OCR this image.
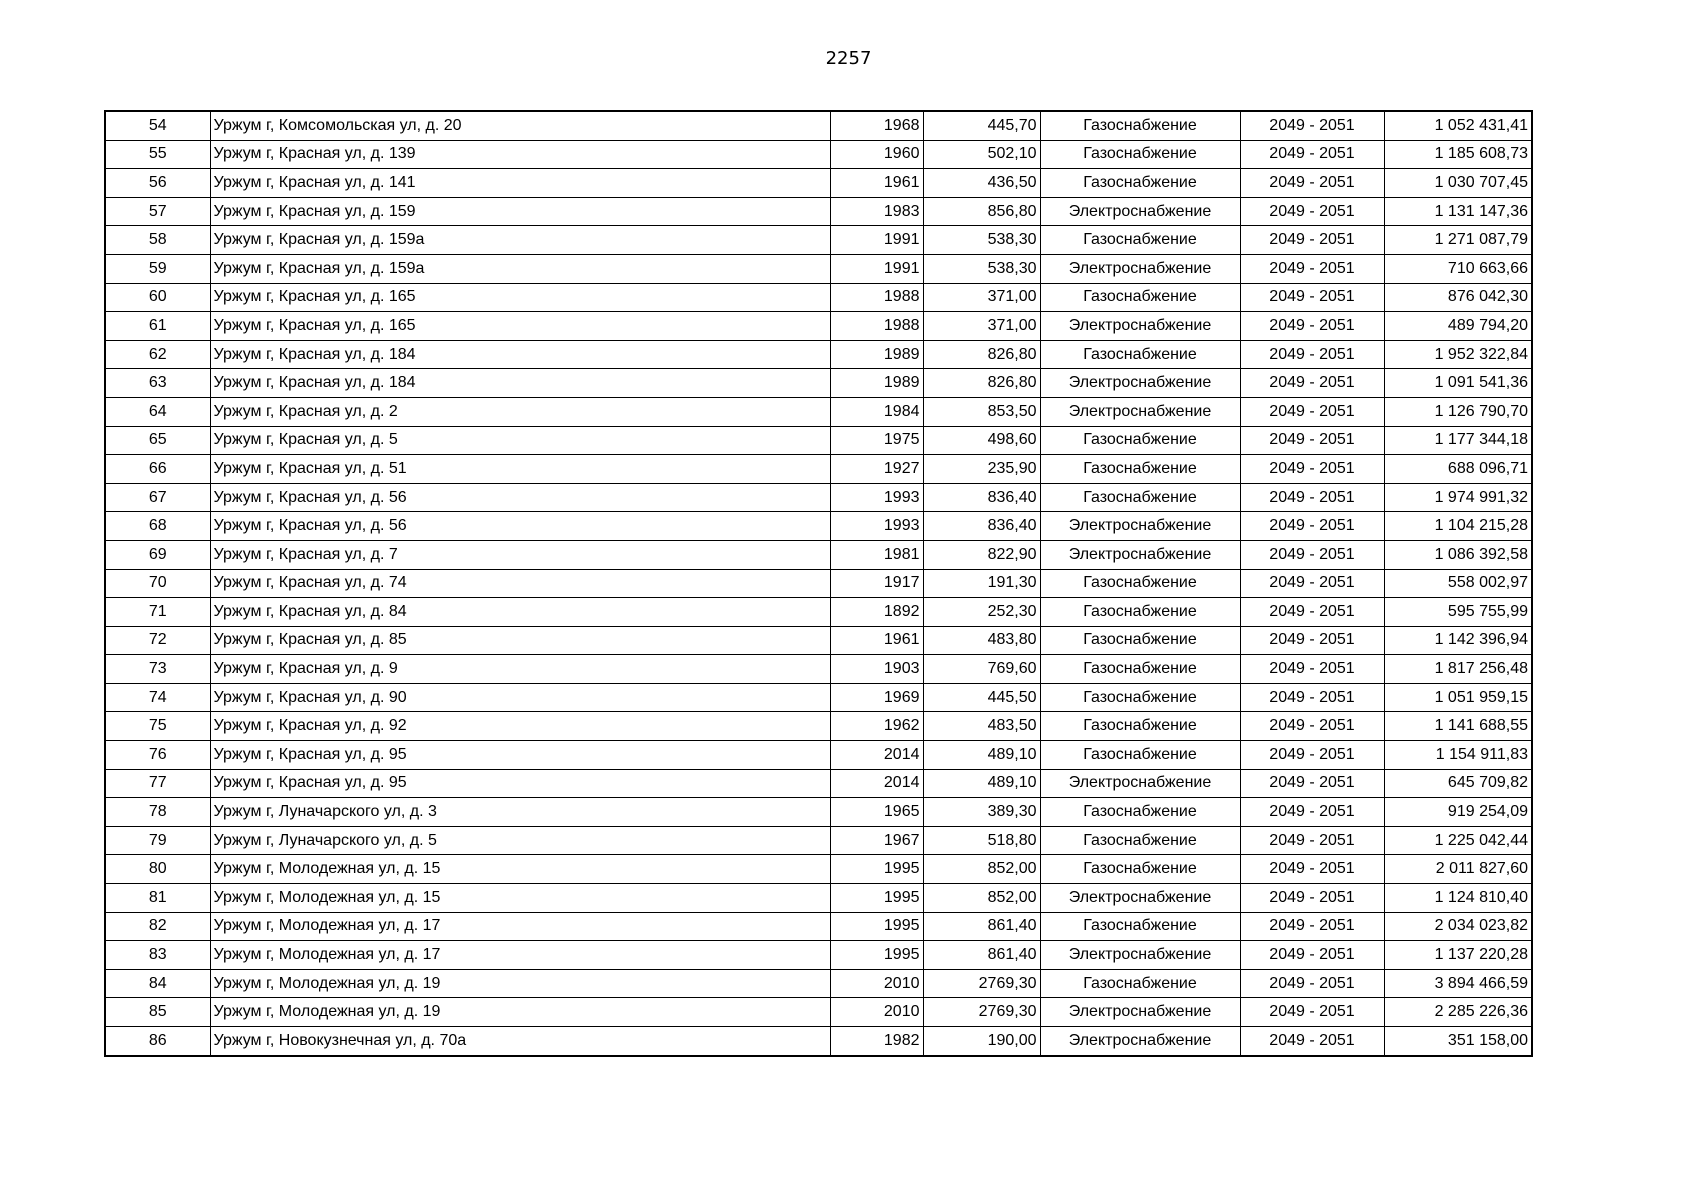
2257
54	Уржум г, Комсомольская ул, д. 20	1968	445,70	Газоснабжение	2049 - 2051	1 052 431,41
55	Уржум г, Красная ул, д. 139	1960	502,10	Газоснабжение	2049 - 2051	1 185 608,73
56	Уржум г, Красная ул, д. 141	1961	436,50	Газоснабжение	2049 - 2051	1 030 707,45
57	Уржум г, Красная ул, д. 159	1983	856,80	Электроснабжение	2049 - 2051	1 131 147,36
58	Уржум г, Красная ул, д. 159а	1991	538,30	Газоснабжение	2049 - 2051	1 271 087,79
59	Уржум г, Красная ул, д. 159а	1991	538,30	Электроснабжение	2049 - 2051	710 663,66
60	Уржум г, Красная ул, д. 165	1988	371,00	Газоснабжение	2049 - 2051	876 042,30
61	Уржум г, Красная ул, д. 165	1988	371,00	Электроснабжение	2049 - 2051	489 794,20
62	Уржум г, Красная ул, д. 184	1989	826,80	Газоснабжение	2049 - 2051	1 952 322,84
63	Уржум г, Красная ул, д. 184	1989	826,80	Электроснабжение	2049 - 2051	1 091 541,36
64	Уржум г, Красная ул, д. 2	1984	853,50	Электроснабжение	2049 - 2051	1 126 790,70
65	Уржум г, Красная ул, д. 5	1975	498,60	Газоснабжение	2049 - 2051	1 177 344,18
66	Уржум г, Красная ул, д. 51	1927	235,90	Газоснабжение	2049 - 2051	688 096,71
67	Уржум г, Красная ул, д. 56	1993	836,40	Газоснабжение	2049 - 2051	1 974 991,32
68	Уржум г, Красная ул, д. 56	1993	836,40	Электроснабжение	2049 - 2051	1 104 215,28
69	Уржум г, Красная ул, д. 7	1981	822,90	Электроснабжение	2049 - 2051	1 086 392,58
70	Уржум г, Красная ул, д. 74	1917	191,30	Газоснабжение	2049 - 2051	558 002,97
71	Уржум г, Красная ул, д. 84	1892	252,30	Газоснабжение	2049 - 2051	595 755,99
72	Уржум г, Красная ул, д. 85	1961	483,80	Газоснабжение	2049 - 2051	1 142 396,94
73	Уржум г, Красная ул, д. 9	1903	769,60	Газоснабжение	2049 - 2051	1 817 256,48
74	Уржум г, Красная ул, д. 90	1969	445,50	Газоснабжение	2049 - 2051	1 051 959,15
75	Уржум г, Красная ул, д. 92	1962	483,50	Газоснабжение	2049 - 2051	1 141 688,55
76	Уржум г, Красная ул, д. 95	2014	489,10	Газоснабжение	2049 - 2051	1 154 911,83
77	Уржум г, Красная ул, д. 95	2014	489,10	Электроснабжение	2049 - 2051	645 709,82
78	Уржум г, Луначарского ул, д. 3	1965	389,30	Газоснабжение	2049 - 2051	919 254,09
79	Уржум г, Луначарского ул, д. 5	1967	518,80	Газоснабжение	2049 - 2051	1 225 042,44
80	Уржум г, Молодежная ул, д. 15	1995	852,00	Газоснабжение	2049 - 2051	2 011 827,60
81	Уржум г, Молодежная ул, д. 15	1995	852,00	Электроснабжение	2049 - 2051	1 124 810,40
82	Уржум г, Молодежная ул, д. 17	1995	861,40	Газоснабжение	2049 - 2051	2 034 023,82
83	Уржум г, Молодежная ул, д. 17	1995	861,40	Электроснабжение	2049 - 2051	1 137 220,28
84	Уржум г, Молодежная ул, д. 19	2010	2769,30	Газоснабжение	2049 - 2051	3 894 466,59
85	Уржум г, Молодежная ул, д. 19	2010	2769,30	Электроснабжение	2049 - 2051	2 285 226,36
86	Уржум г, Новокузнечная ул, д. 70а	1982	190,00	Электроснабжение	2049 - 2051	351 158,00
